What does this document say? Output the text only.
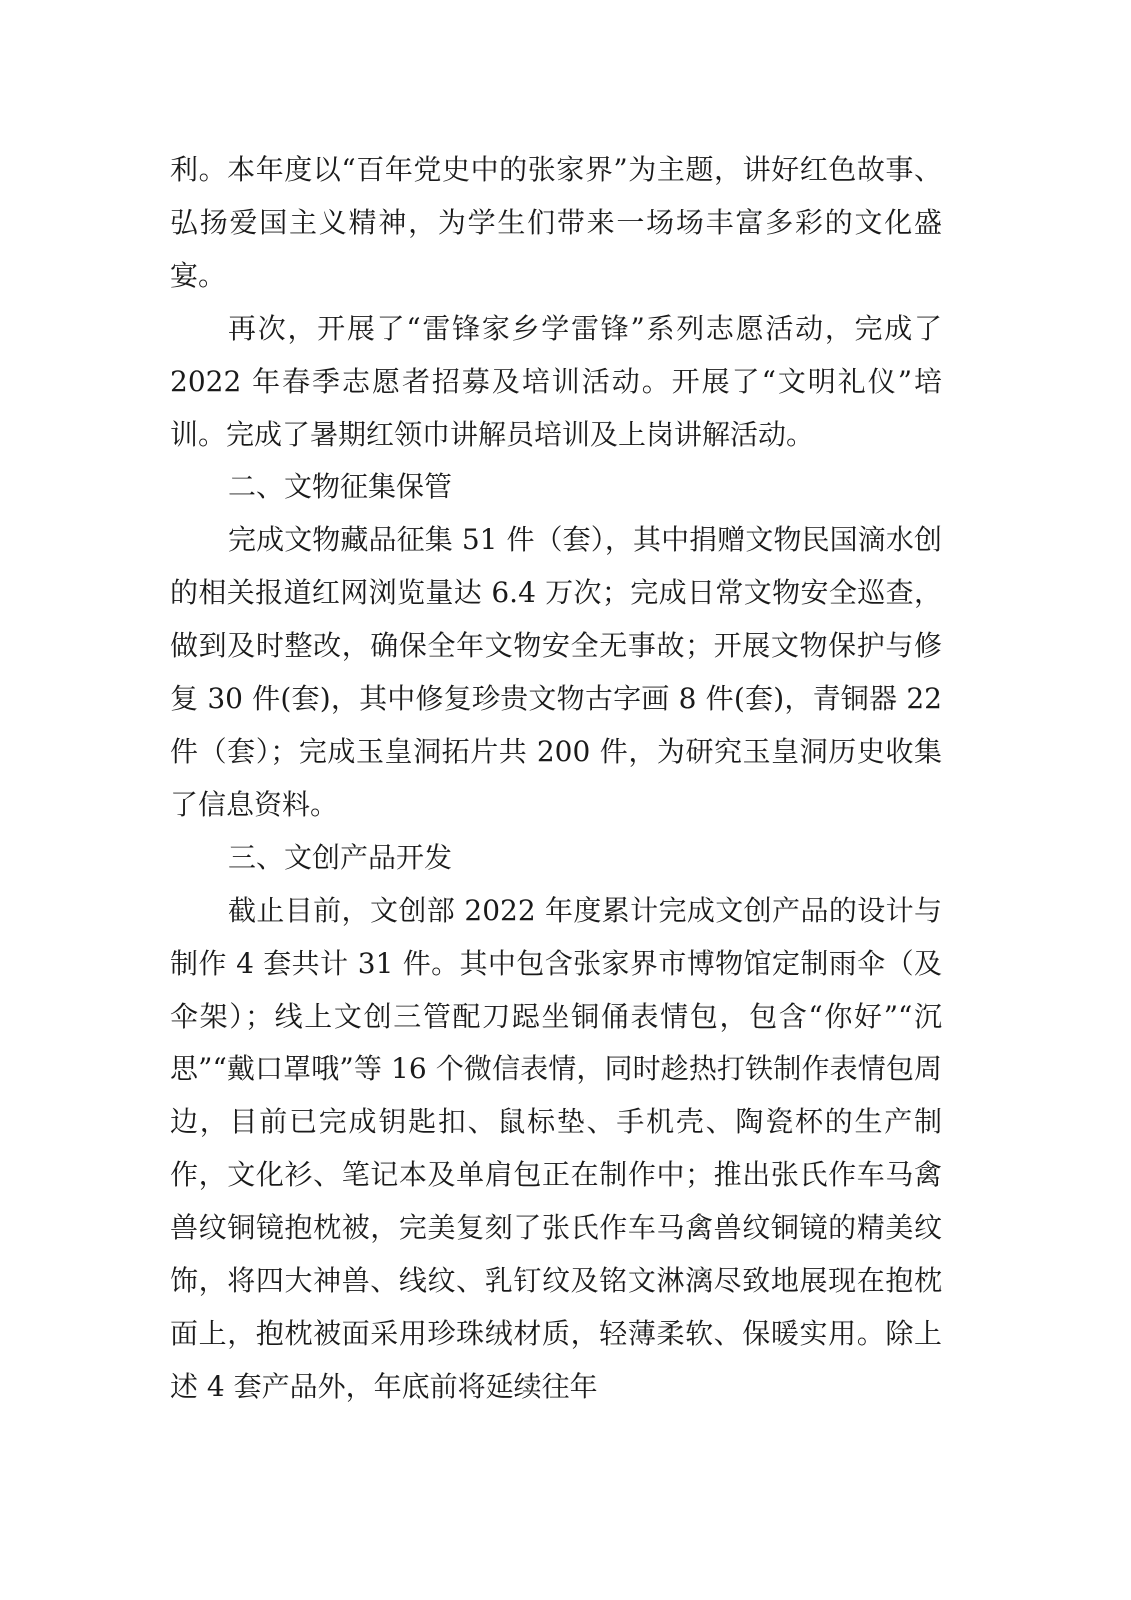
利。本年度以“百年党史中的张家界”为主题，讲好红色故事、弘扬爱国主义精神，为学生们带来一场场丰富多彩的文化盛宴。

再次，开展了“雷锋家乡学雷锋”系列志愿活动，完成了 2022 年春季志愿者招募及培训活动。开展了“文明礼仪”培训。完成了暑期红领巾讲解员培训及上岗讲解活动。

二、文物征集保管

完成文物藏品征集 51 件（套），其中捐赠文物民国滴水创的相关报道红网浏览量达 6.4 万次；完成日常文物安全巡查，做到及时整改，确保全年文物安全无事故；开展文物保护与修复 30 件(套)，其中修复珍贵文物古字画 8 件(套)，青铜器 22 件（套）；完成玉皇洞拓片共 200 件，为研究玉皇洞历史收集了信息资料。

三、文创产品开发

截止目前，文创部 2022 年度累计完成文创产品的设计与制作 4 套共计 31 件。其中包含张家界市博物馆定制雨伞（及伞架）；线上文创三管配刀跽坐铜俑表情包，包含“你好”“沉思”“戴口罩哦”等 16 个微信表情，同时趁热打铁制作表情包周边，目前已完成钥匙扣、鼠标垫、手机壳、陶瓷杯的生产制作，文化衫、笔记本及单肩包正在制作中；推出张氏作车马禽兽纹铜镜抱枕被，完美复刻了张氏作车马禽兽纹铜镜的精美纹饰，将四大神兽、线纹、乳钉纹及铭文淋漓尽致地展现在抱枕面上，抱枕被面采用珍珠绒材质，轻薄柔软、保暖实用。除上述 4 套产品外，年底前将延续往年
